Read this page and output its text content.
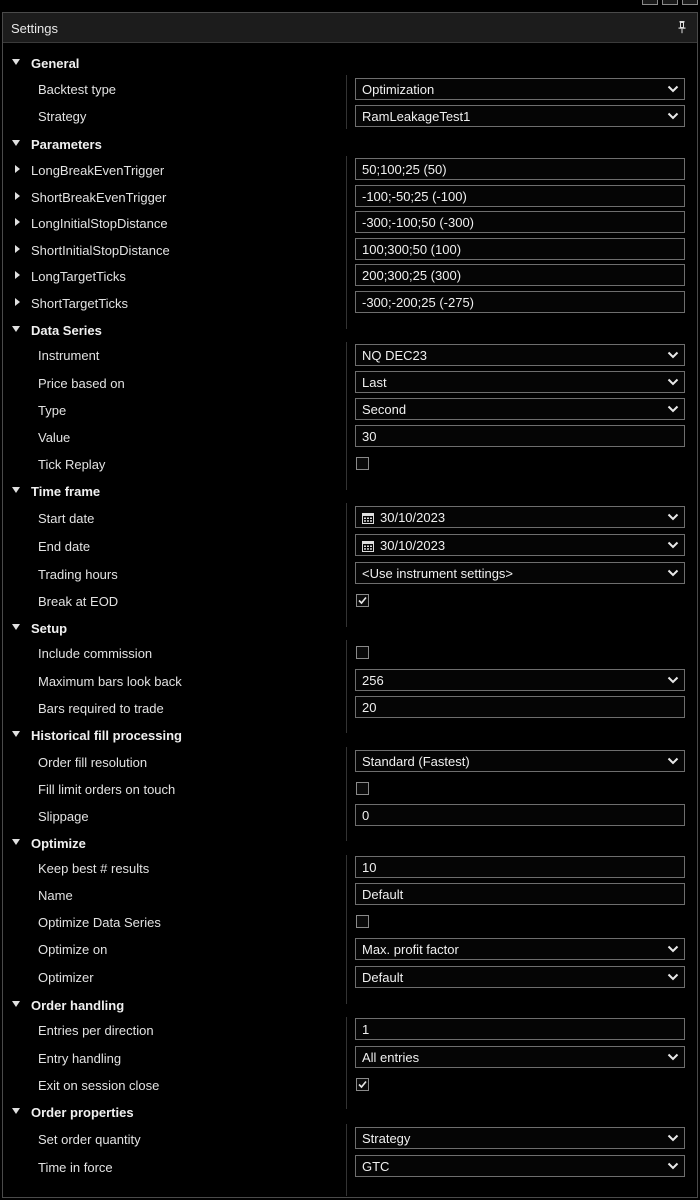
Settings
General
Backtest type	Optimization
Strategy	RamLeakageTest1
Parameters
LongBreakEvenTrigger	50;100;25 (50)
ShortBreakEvenTrigger	-100;-50;25 (-100)
LongInitialStopDistance	-300;-100;50 (-300)
ShortInitialStopDistance	100;300;50 (100)
LongTargetTicks	200;300;25 (300)
ShortTargetTicks	-300;-200;25 (-275)
Data Series
Instrument	NQ DEC23
Price based on	Last
Type	Second
Value	30
Tick Replay
Time frame
Start date	30/10/2023
End date	30/10/2023
Trading hours	<Use instrument settings>
Break at EOD
Setup
Include commission
Maximum bars look back	256
Bars required to trade	20
Historical fill processing
Order fill resolution	Standard (Fastest)
Fill limit orders on touch
Slippage	0
Optimize
Keep best # results	10
Name	Default
Optimize Data Series
Optimize on	Max. profit factor
Optimizer	Default
Order handling
Entries per direction	1
Entry handling	All entries
Exit on session close
Order properties
Set order quantity	Strategy
Time in force	GTC
